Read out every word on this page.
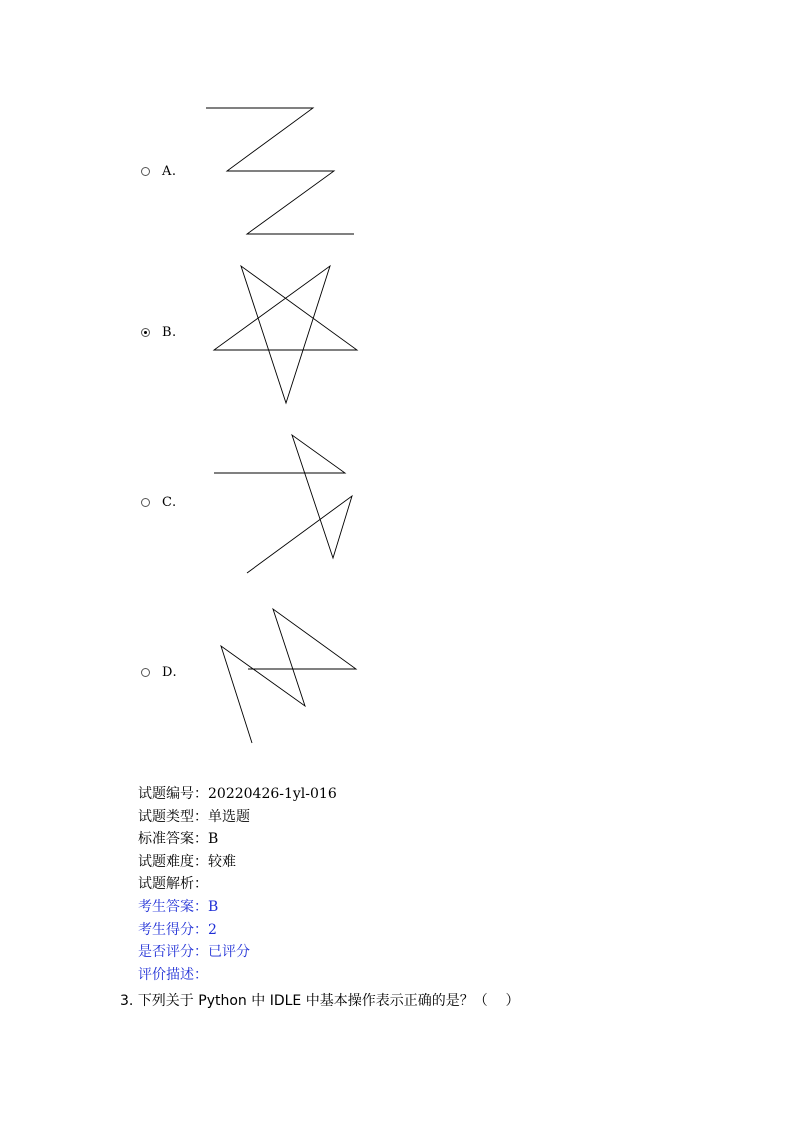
A.
B.
C.
D.
试题编号： 20220426-1yl-016
试题类型： 单选题
标准答案： B
试题难度： 较难
试题解析：
考生答案： B
考生得分： 2
是否评分： 已评分
评价描述：
3. 下列关于 Python 中 IDLE 中基本操作表示正确的是？（    ）
